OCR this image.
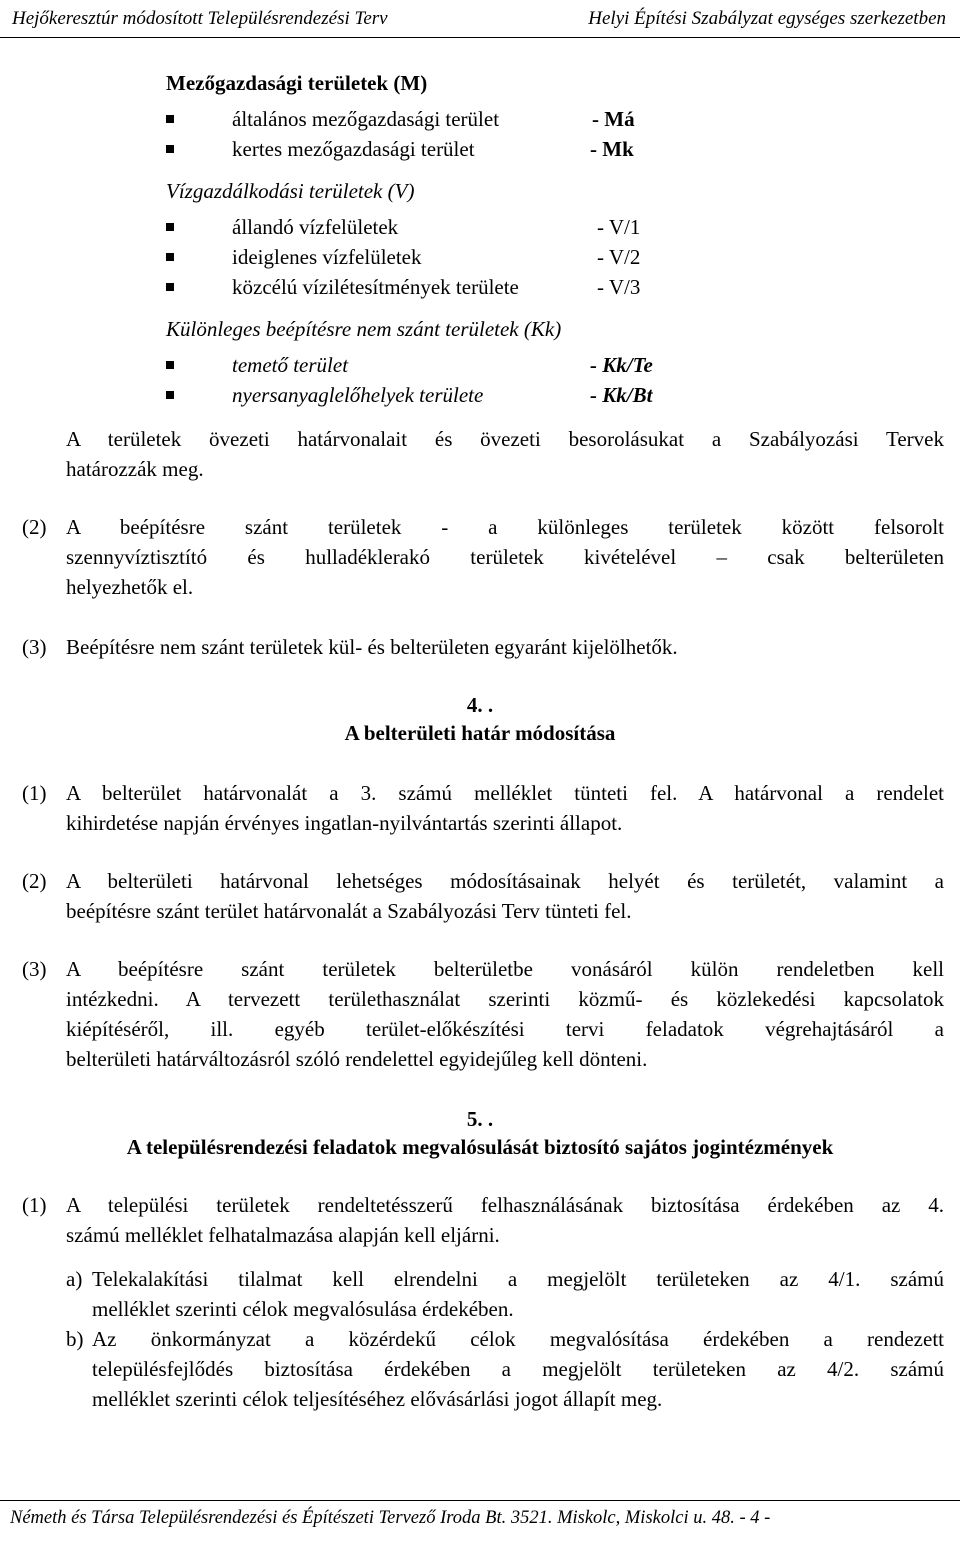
Hejőkeresztúr módosított Településrendezési Terv	Helyi Építési Szabályzat egységes szerkezetben
Mezőgazdasági területek (M)
általános mezőgazdasági terület	- Má
kertes mezőgazdasági terület	- Mk
Vízgazdálkodási területek (V)
állandó vízfelületek	- V/1
ideiglenes vízfelületek	- V/2
közcélú vízilétesítmények területe	- V/3
Különleges beépítésre nem szánt területek (Kk)
temető terület	- Kk/Te
nyersanyaglelőhelyek területe	- Kk/Bt
A területek övezeti határvonalait és övezeti besorolásukat a Szabályozási Tervek
határozzák meg.
(2) A beépítésre szánt területek - a különleges területek között felsorolt
szennyvíztisztító és hulladéklerakó területek kivételével – csak belterületen
helyezhetők el.
(3) Beépítésre nem szánt területek kül- és belterületen egyaránt kijelölhetők.
4. .
A belterületi határ módosítása
(1) A belterület határvonalát a 3. számú melléklet tünteti fel. A határvonal a rendelet
kihirdetése napján érvényes ingatlan-nyilvántartás szerinti állapot.
(2) A belterületi határvonal lehetséges módosításainak helyét és területét, valamint a
beépítésre szánt terület határvonalát a Szabályozási Terv tünteti fel.
(3) A beépítésre szánt területek belterületbe vonásáról külön rendeletben kell
intézkedni. A tervezett területhasználat szerinti közmű- és közlekedési kapcsolatok
kiépítéséről, ill. egyéb terület-előkészítési tervi feladatok végrehajtásáról a
belterületi határváltozásról szóló rendelettel egyidejűleg kell dönteni.
5. .
A településrendezési feladatok megvalósulását biztosító sajátos jogintézmények
(1) A települési területek rendeltetésszerű felhasználásának biztosítása érdekében az 4.
számú melléklet felhatalmazása alapján kell eljárni.
a) Telekalakítási tilalmat kell elrendelni a megjelölt területeken az 4/1. számú
melléklet szerinti célok megvalósulása érdekében.
b) Az önkormányzat a közérdekű célok megvalósítása érdekében a rendezett
településfejlődés biztosítása érdekében a megjelölt területeken az 4/2. számú
melléklet szerinti célok teljesítéséhez elővásárlási jogot állapít meg.
Németh és Társa Településrendezési és Építészeti Tervező Iroda Bt. 3521. Miskolc, Miskolci u. 48. - 4 -
